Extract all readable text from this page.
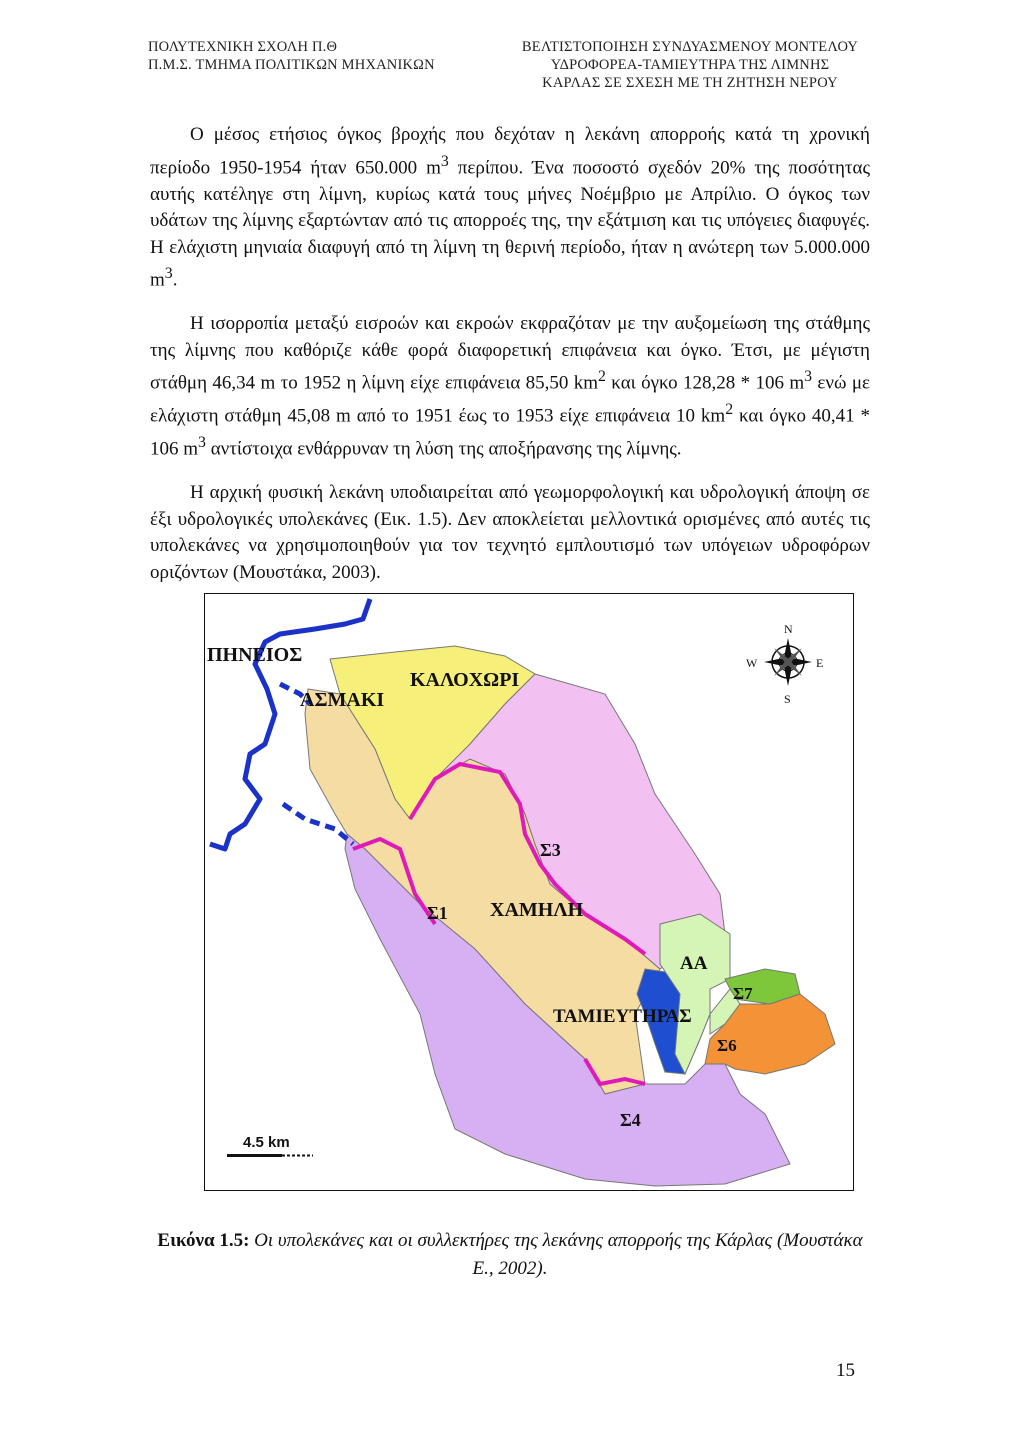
ΠΟΛΥΤΕΧΝΙΚΗ ΣΧΟΛΗ Π.Θ
Π.Μ.Σ. ΤΜΗΜΑ ΠΟΛΙΤΙΚΩΝ ΜΗΧΑΝΙΚΩΝ
ΒΕΛΤΙΣΤΟΠΟΙΗΣΗ ΣΥΝΔΥΑΣΜΕΝΟΥ ΜΟΝΤΕΛΟΥ
ΥΔΡΟΦΟΡΕΑ-ΤΑΜΙΕΥΤΗΡΑ ΤΗΣ ΛΙΜΝΗΣ
ΚΑΡΛΑΣ ΣΕ ΣΧΕΣΗ ΜΕ ΤΗ ΖΗΤΗΣΗ ΝΕΡΟΥ

Ο μέσος ετήσιος όγκος βροχής που δεχόταν η λεκάνη απορροής κατά τη χρονική περίοδο 1950-1954 ήταν 650.000 $m^3$ περίπου. Ένα ποσοστό σχεδόν 20% της ποσότητας αυτής κατέληγε στη λίμνη, κυρίως κατά τους μήνες Νοέμβριο με Απρίλιο. Ο όγκος των υδάτων της λίμνης εξαρτώνταν από τις απορροές της, την εξάτμιση και τις υπόγειες διαφυγές. Η ελάχιστη μηνιαία διαφυγή από τη λίμνη τη θερινή περίοδο, ήταν η ανώτερη των 5.000.000 $m^3$.

Η ισορροπία μεταξύ εισροών και εκροών εκφραζόταν με την αυξομείωση της στάθμης της λίμνης που καθόριζε κάθε φορά διαφορετική επιφάνεια και όγκο. Έτσι, με μέγιστη στάθμη 46,34 m το 1952 η λίμνη είχε επιφάνεια 85,50 $km^2$ και όγκο 128,28 * 106 $m^3$ ενώ με ελάχιστη στάθμη 45,08 m από το 1951 έως το 1953 είχε επιφάνεια 10 $km^2$ και όγκο 40,41 * 106 $m^3$ αντίστοιχα ενθάρρυναν τη λύση της αποξήρανσης της λίμνης.

Η αρχική φυσική λεκάνη υποδιαιρείται από γεωμορφολογική και υδρολογική άποψη σε έξι υδρολογικές υπολεκάνες (Εικ. 1.5). Δεν αποκλείεται μελλοντικά ορισμένες από αυτές τις υπολεκάνες να χρησιμοποιηθούν για τον τεχνητό εμπλουτισμό των υπόγειων υδροφόρων οριζόντων (Μουστάκα, 2003).

ΠΗΝΕΙΟΣ
ΑΣΜΑΚΙ
ΚΑΛΟΧΩΡΙ
Σ3
Σ1 ΧΑΜΗΛΗ
ΑΑ
Σ7
ΤΑΜΙΕΥΤΗΡΑΣ
Σ6
Σ4
N
S
E
W
4.5 km
Εικόνα 1.5: Οι υπολεκάνες και οι συλλεκτήρες της λεκάνης απορροής της Κάρλας (Μουστάκα Ε., 2002).
15
